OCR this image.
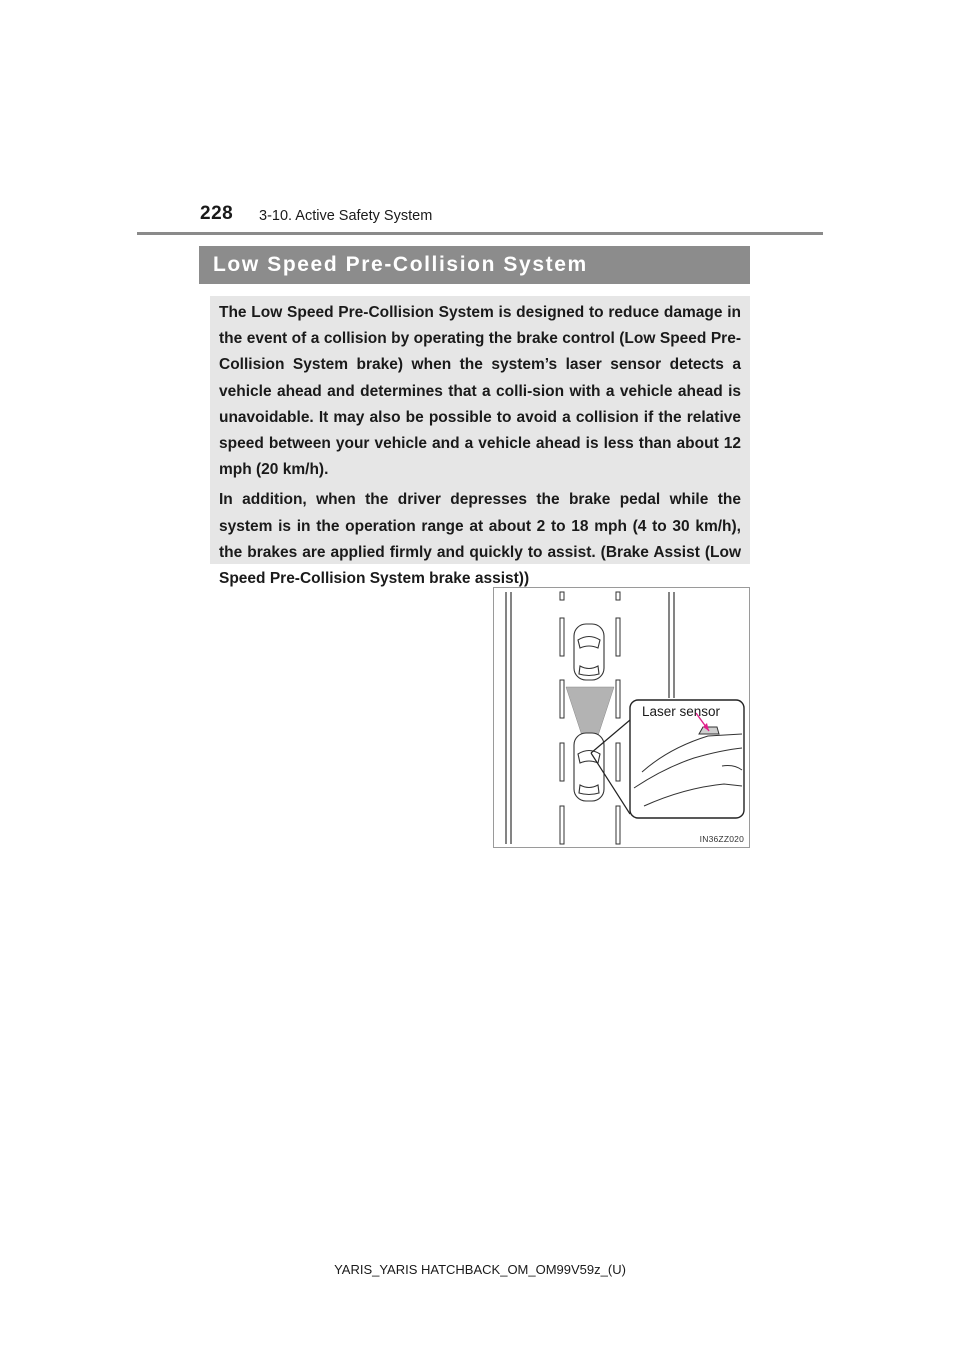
228 3-10. Active Safety System
Low Speed Pre-Collision System

The Low Speed Pre-Collision System is designed to reduce damage in the event of a collision by operating the brake control (Low Speed Pre-Collision System brake) when the system’s laser sensor detects a vehicle ahead and determines that a colli-sion with a vehicle ahead is unavoidable. It may also be possible to avoid a collision if the relative speed between your vehicle and a vehicle ahead is less than about 12 mph (20 km/h).

In addition, when the driver depresses the brake pedal while the system is in the operation range at about 2 to 18 mph (4 to 30 km/h), the brakes are applied firmly and quickly to assist. (Brake Assist (Low Speed Pre-Collision System brake assist))

Laser sensor
IN36ZZ020
YARIS_YARIS HATCHBACK_OM_OM99V59z_(U)
